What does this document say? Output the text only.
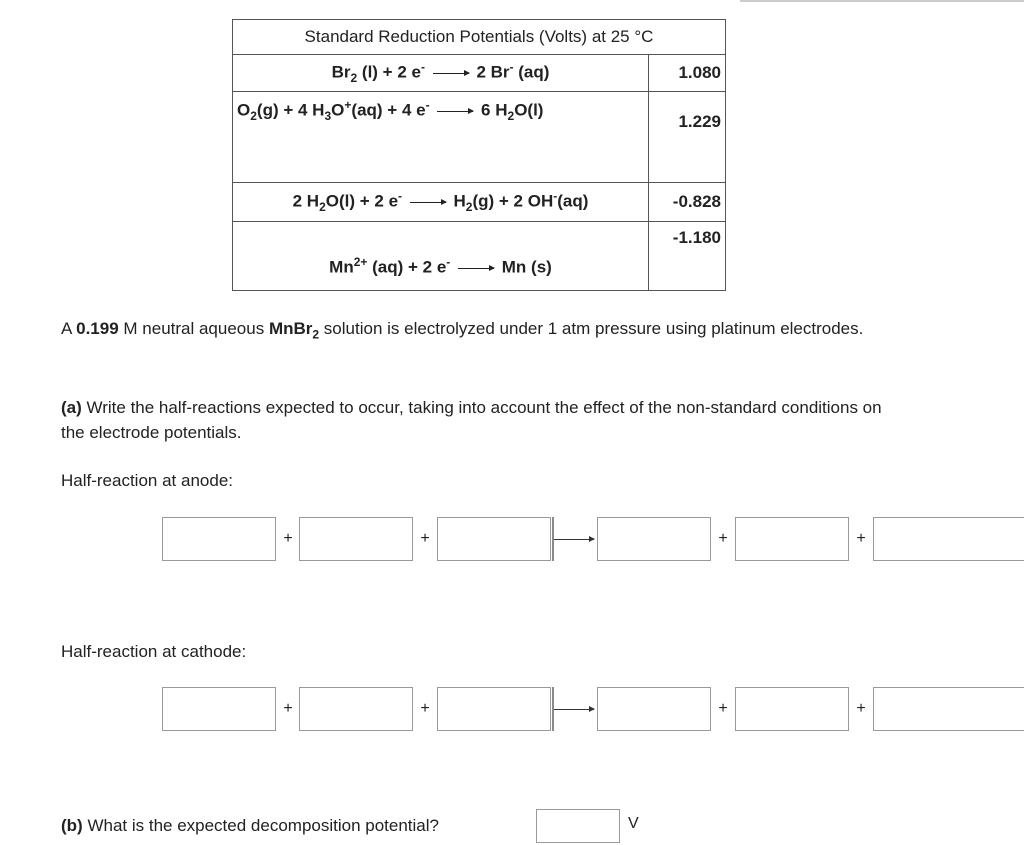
Standard Reduction Potentials (Volts) at 25 °C	
$Br_2$ (l) + 2 e- → 2 Br- (aq)	1.080
$O_2(g) + 4$ $H_3O^+(aq) + 4$ e- → 6 $H_2O(l)$	1.229
2 $H_2O(l) + 2$ $e^- \to H_2(g) + 2$ OH-(aq)	-0.828
$Mn^{2+}$ (aq) + 2 e- → Mn (s)	-1.180

A 0.199 M neutral aqueous MnBr$_2$ solution is electrolyzed under 1 atm pressure using platinum electrodes.

(a) Write the half-reactions expected to occur, taking into account the effect of the non-standard conditions on the electrode potentials.

Half-reaction at anode:

+	+	+	+

Half-reaction at cathode:

+	+	+	+

(b) What is the expected decomposition potential?	V
